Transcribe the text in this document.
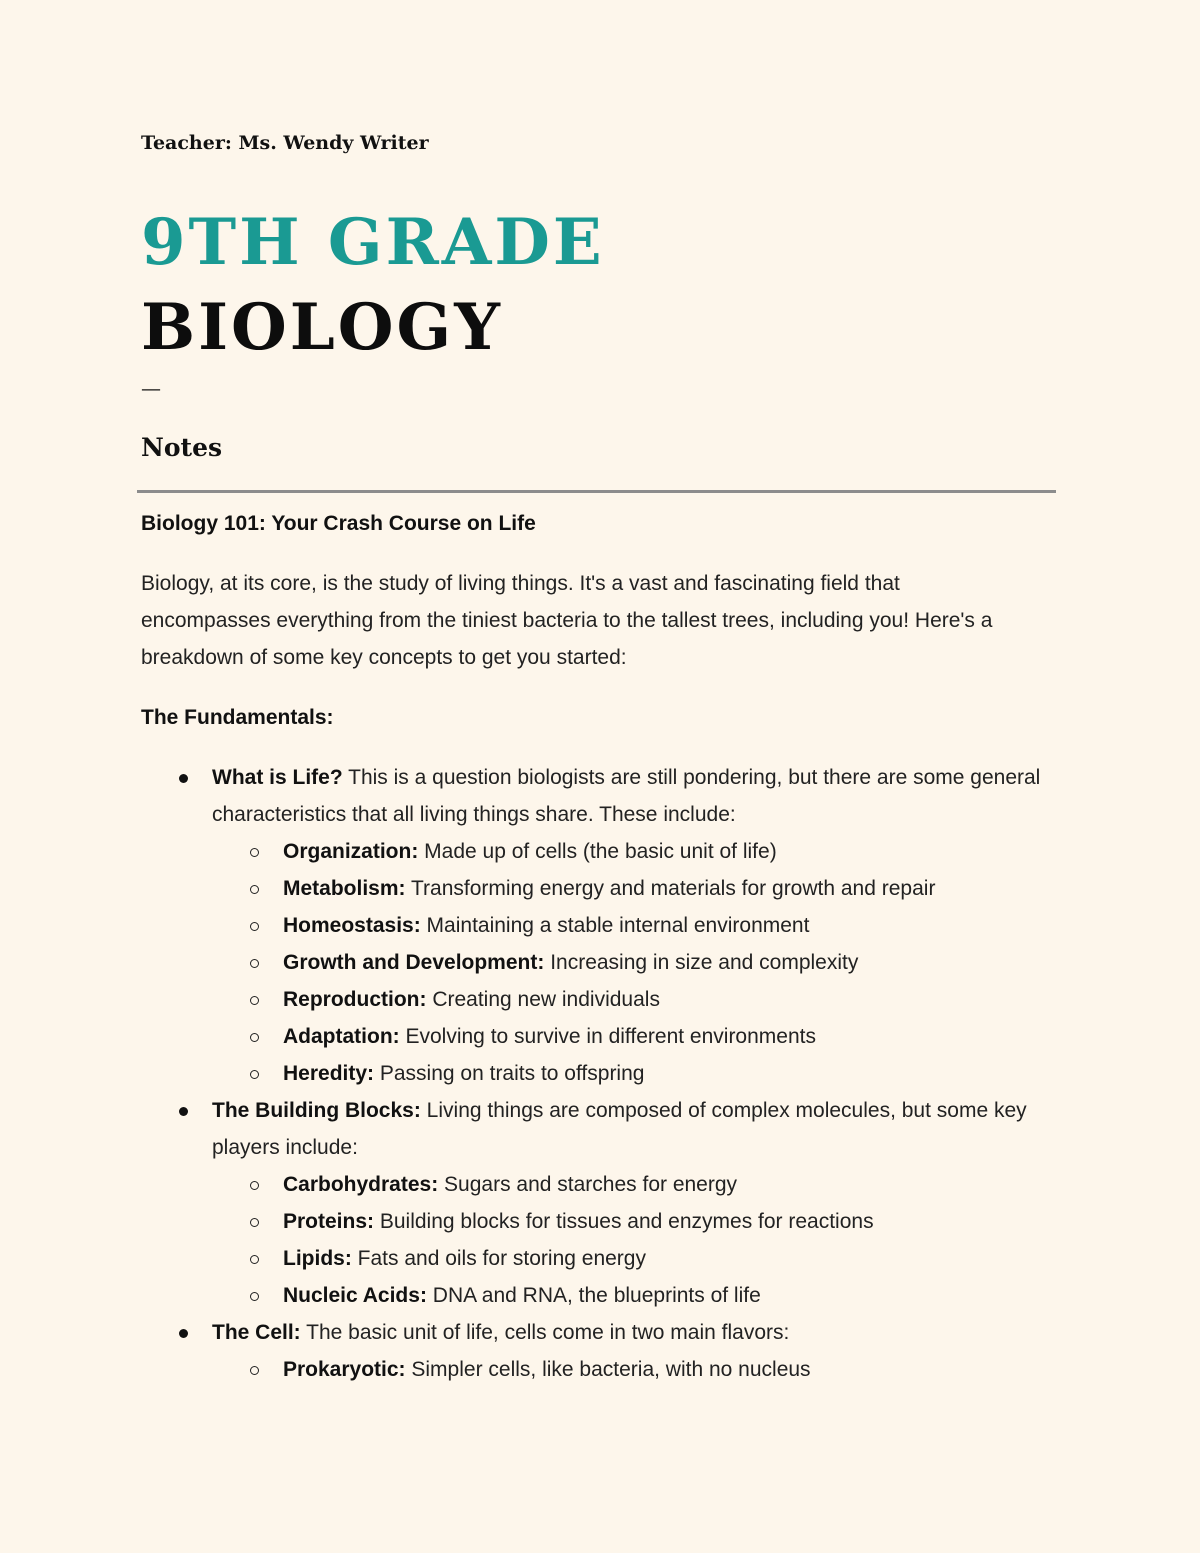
Teacher: Ms. Wendy Writer

9TH GRADE
BIOLOGY
—
Notes

Biology 101: Your Crash Course on Life

Biology, at its core, is the study of living things. It's a vast and fascinating field that encompasses everything from the tiniest bacteria to the tallest trees, including you! Here's a breakdown of some key concepts to get you started:

The Fundamentals:

What is Life? This is a question biologists are still pondering, but there are some general characteristics that all living things share. These include:
Organization: Made up of cells (the basic unit of life)
Metabolism: Transforming energy and materials for growth and repair
Homeostasis: Maintaining a stable internal environment
Growth and Development: Increasing in size and complexity
Reproduction: Creating new individuals
Adaptation: Evolving to survive in different environments
Heredity: Passing on traits to offspring
The Building Blocks: Living things are composed of complex molecules, but some key players include:
Carbohydrates: Sugars and starches for energy
Proteins: Building blocks for tissues and enzymes for reactions
Lipids: Fats and oils for storing energy
Nucleic Acids: DNA and RNA, the blueprints of life
The Cell: The basic unit of life, cells come in two main flavors:
Prokaryotic: Simpler cells, like bacteria, with no nucleus
